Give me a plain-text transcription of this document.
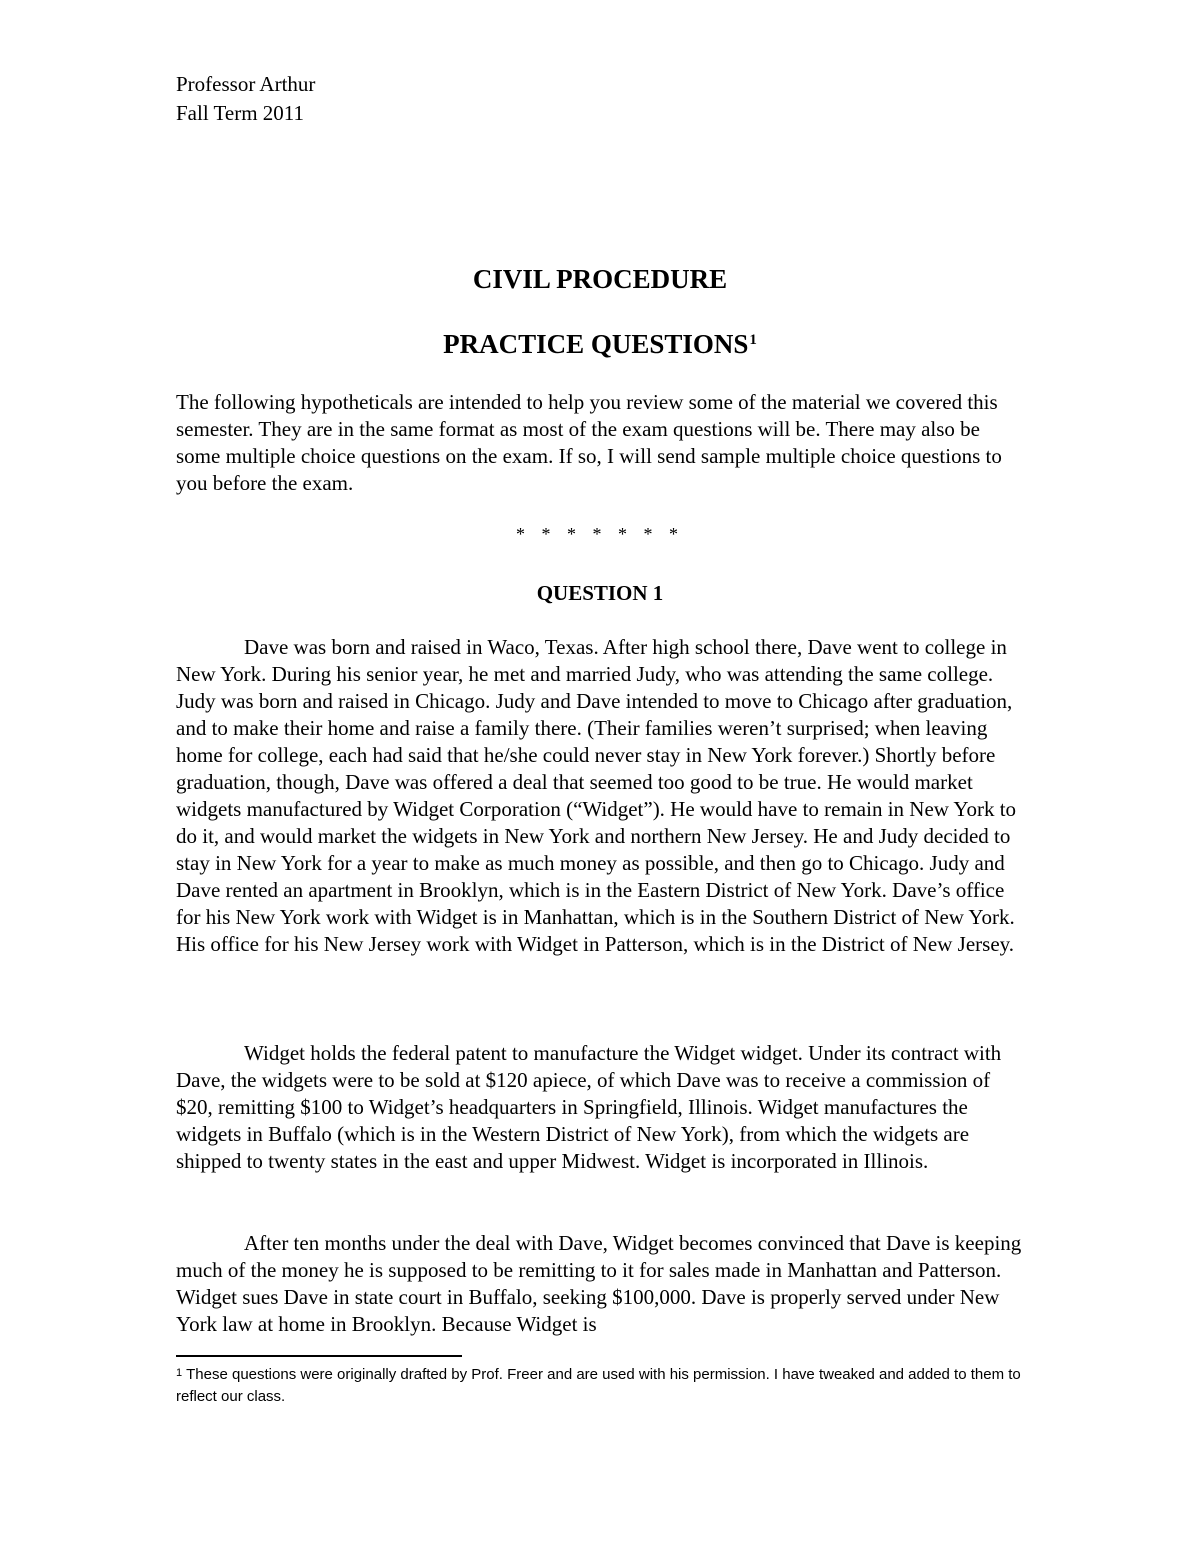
Professor Arthur
Fall Term 2011
CIVIL PROCEDURE
PRACTICE QUESTIONS$^1$

The following hypotheticals are intended to help you review some of the material we covered this semester. They are in the same format as most of the exam questions will be. There may also be some multiple choice questions on the exam. If so, I will send sample multiple choice questions to you before the exam.

* * * * * * *
QUESTION 1

Dave was born and raised in Waco, Texas. After high school there, Dave went to college in New York. During his senior year, he met and married Judy, who was attending the same college. Judy was born and raised in Chicago. Judy and Dave intended to move to Chicago after graduation, and to make their home and raise a family there. (Their families weren’t surprised; when leaving home for college, each had said that he/she could never stay in New York forever.) Shortly before graduation, though, Dave was offered a deal that seemed too good to be true. He would market widgets manufactured by Widget Corporation (“Widget”). He would have to remain in New York to do it, and would market the widgets in New York and northern New Jersey. He and Judy decided to stay in New York for a year to make as much money as possible, and then go to Chicago. Judy and Dave rented an apartment in Brooklyn, which is in the Eastern District of New York. Dave’s office for his New York work with Widget is in Manhattan, which is in the Southern District of New York. His office for his New Jersey work with Widget in Patterson, which is in the District of New Jersey.

Widget holds the federal patent to manufacture the Widget widget. Under its contract with Dave, the widgets were to be sold at $120 apiece, of which Dave was to receive a commission of $20, remitting $100 to Widget’s headquarters in Springfield, Illinois. Widget manufactures the widgets in Buffalo (which is in the Western District of New York), from which the widgets are shipped to twenty states in the east and upper Midwest. Widget is incorporated in Illinois.

After ten months under the deal with Dave, Widget becomes convinced that Dave is keeping much of the money he is supposed to be remitting to it for sales made in Manhattan and Patterson. Widget sues Dave in state court in Buffalo, seeking $100,000. Dave is properly served under New York law at home in Brooklyn. Because Widget is

$^1$ These questions were originally drafted by Prof. Freer and are used with his permission. I have tweaked and added to them to reflect our class.
